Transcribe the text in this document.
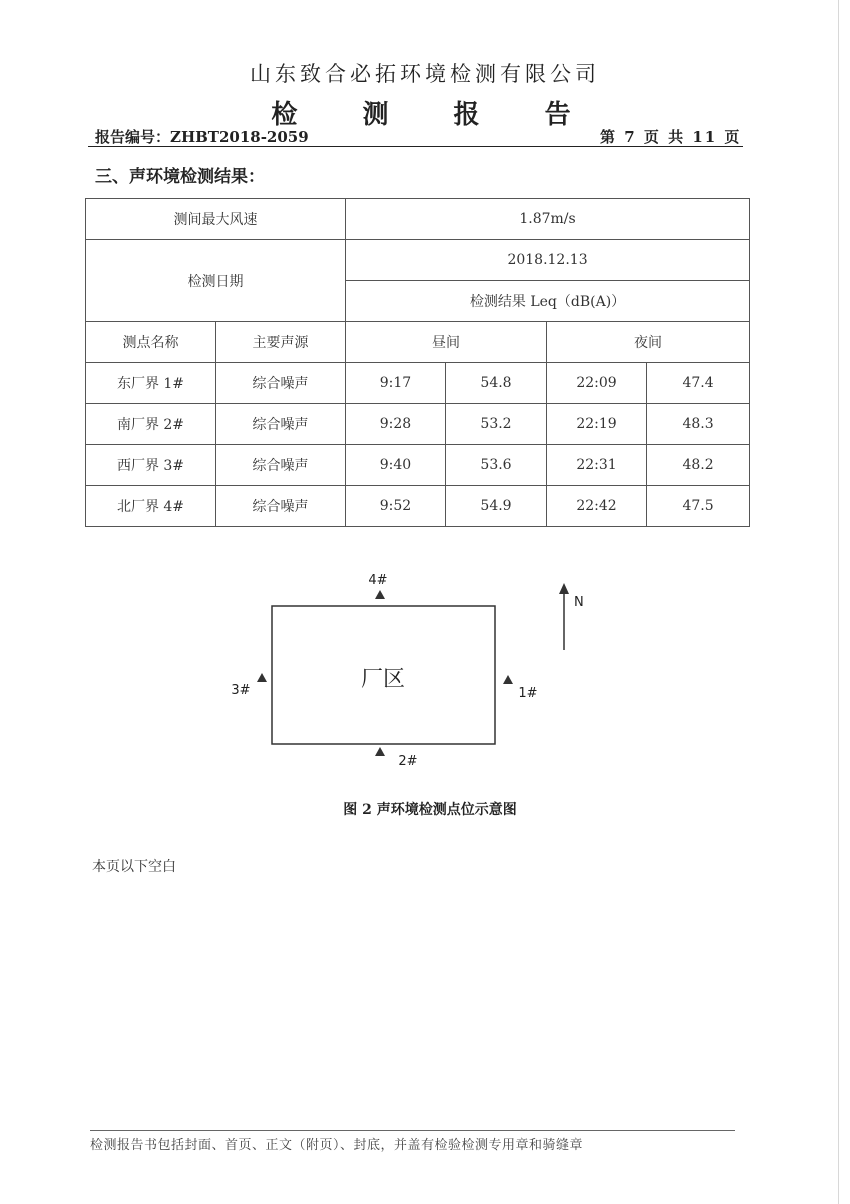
山东致合必拓环境检测有限公司
检 测 报 告
报告编号：ZHBT2018-2059	第 7 页 共 11 页
三、声环境检测结果：
测间最大风速		1.87m/s			
检测日期		2018.12.13			
		检测结果 Leq（dB(A)）			
测点名称	主要声源	昼间		夜间	
东厂界 1#	综合噪声	9:17	54.8	22:09	47.4
南厂界 2#	综合噪声	9:28	53.2	22:19	48.3
西厂界 3#	综合噪声	9:40	53.6	22:31	48.2
北厂界 4#	综合噪声	9:52	54.9	22:42	47.5
厂区
4#
3#	1#
2#
N
图 2 声环境检测点位示意图
本页以下空白
检测报告书包括封面、首页、正文（附页）、封底，并盖有检验检测专用章和骑缝章
